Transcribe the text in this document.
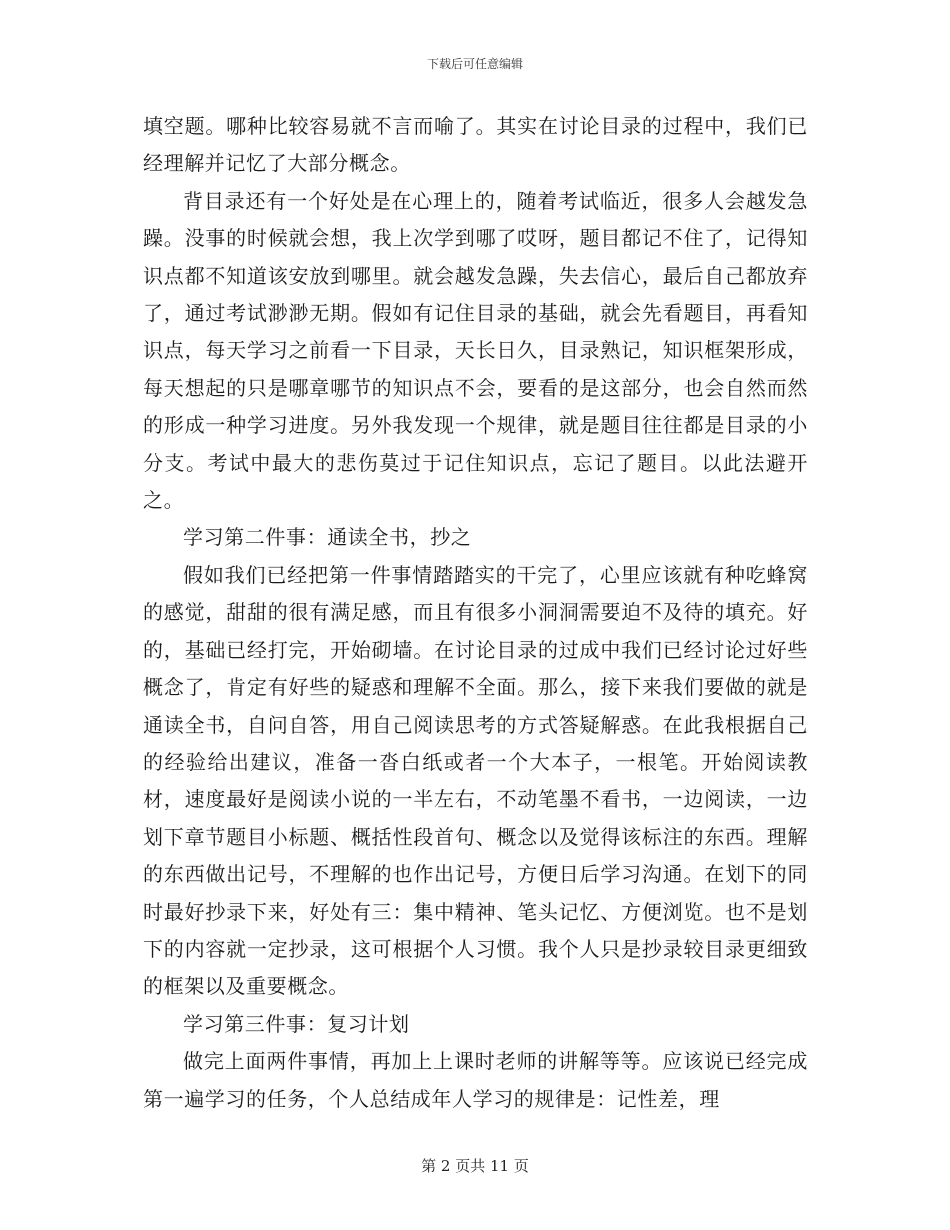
下载后可任意编辑

填空题。哪种比较容易就不言而喻了。其实在讨论目录的过程中，我们已经理解并记忆了大部分概念。

背目录还有一个好处是在心理上的，随着考试临近，很多人会越发急躁。没事的时候就会想，我上次学到哪了哎呀，题目都记不住了，记得知识点都不知道该安放到哪里。就会越发急躁，失去信心，最后自己都放弃了，通过考试渺渺无期。假如有记住目录的基础，就会先看题目，再看知识点，每天学习之前看一下目录，天长日久，目录熟记，知识框架形成，每天想起的只是哪章哪节的知识点不会，要看的是这部分，也会自然而然的形成一种学习进度。另外我发现一个规律，就是题目往往都是目录的小分支。考试中最大的悲伤莫过于记住知识点，忘记了题目。以此法避开之。

学习第二件事：通读全书，抄之

假如我们已经把第一件事情踏踏实的干完了，心里应该就有种吃蜂窝的感觉，甜甜的很有满足感，而且有很多小洞洞需要迫不及待的填充。好的，基础已经打完，开始砌墙。在讨论目录的过成中我们已经讨论过好些概念了，肯定有好些的疑惑和理解不全面。那么，接下来我们要做的就是通读全书，自问自答，用自己阅读思考的方式答疑解惑。在此我根据自己的经验给出建议，准备一沓白纸或者一个大本子，一根笔。开始阅读教材，速度最好是阅读小说的一半左右，不动笔墨不看书，一边阅读，一边划下章节题目小标题、概括性段首句、概念以及觉得该标注的东西。理解的东西做出记号，不理解的也作出记号，方便日后学习沟通。在划下的同时最好抄录下来，好处有三：集中精神、笔头记忆、方便浏览。也不是划下的内容就一定抄录，这可根据个人习惯。我个人只是抄录较目录更细致的框架以及重要概念。

学习第三件事：复习计划

做完上面两件事情，再加上上课时老师的讲解等等。应该说已经完成第一遍学习的任务，个人总结成年人学习的规律是：记性差，理

第 2 页共 11 页
